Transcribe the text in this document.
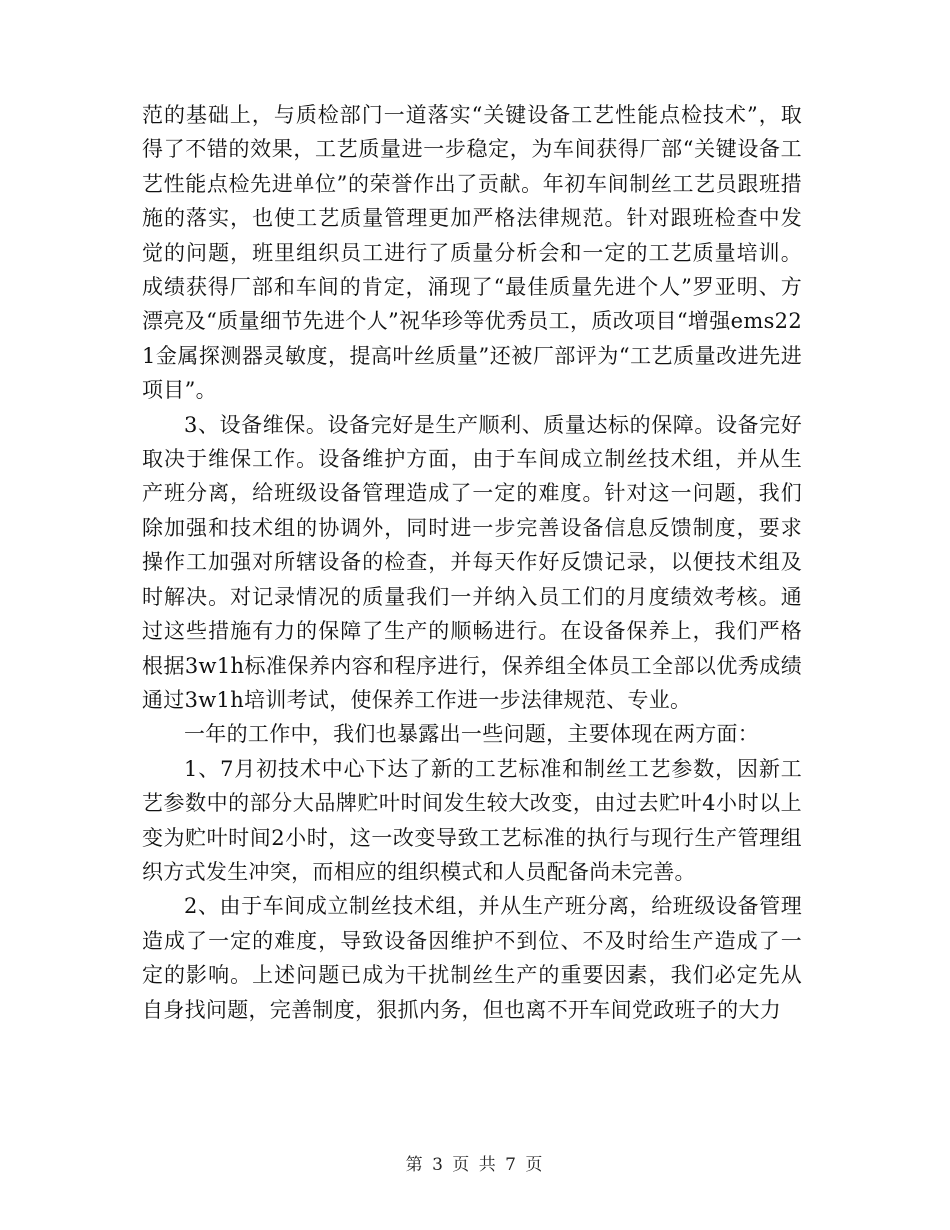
范的基础上，与质检部门一道落实“关键设备工艺性能点检技术”，取得了不错的效果，工艺质量进一步稳定，为车间获得厂部“关键设备工艺性能点检先进单位”的荣誉作出了贡献。年初车间制丝工艺员跟班措施的落实，也使工艺质量管理更加严格法律规范。针对跟班检查中发觉的问题，班里组织员工进行了质量分析会和一定的工艺质量培训。成绩获得厂部和车间的肯定，涌现了“最佳质量先进个人”罗亚明、方漂亮及“质量细节先进个人”祝华珍等优秀员工，质改项目“增强ems221金属探测器灵敏度，提高叶丝质量”还被厂部评为“工艺质量改进先进项目”。

3、设备维保。设备完好是生产顺利、质量达标的保障。设备完好取决于维保工作。设备维护方面，由于车间成立制丝技术组，并从生产班分离，给班级设备管理造成了一定的难度。针对这一问题，我们除加强和技术组的协调外，同时进一步完善设备信息反馈制度，要求操作工加强对所辖设备的检查，并每天作好反馈记录，以便技术组及时解决。对记录情况的质量我们一并纳入员工们的月度绩效考核。通过这些措施有力的保障了生产的顺畅进行。在设备保养上，我们严格根据3w1h标准保养内容和程序进行，保养组全体员工全部以优秀成绩通过3w1h培训考试，使保养工作进一步法律规范、专业。

一年的工作中，我们也暴露出一些问题，主要体现在两方面：

1、7月初技术中心下达了新的工艺标准和制丝工艺参数，因新工艺参数中的部分大品牌贮叶时间发生较大改变，由过去贮叶4小时以上变为贮叶时间2小时，这一改变导致工艺标准的执行与现行生产管理组织方式发生冲突，而相应的组织模式和人员配备尚未完善。

2、由于车间成立制丝技术组，并从生产班分离，给班级设备管理造成了一定的难度，导致设备因维护不到位、不及时给生产造成了一定的影响。上述问题已成为干扰制丝生产的重要因素，我们必定先从自身找问题，完善制度，狠抓内务，但也离不开车间党政班子的大力

第 3 页 共 7 页
